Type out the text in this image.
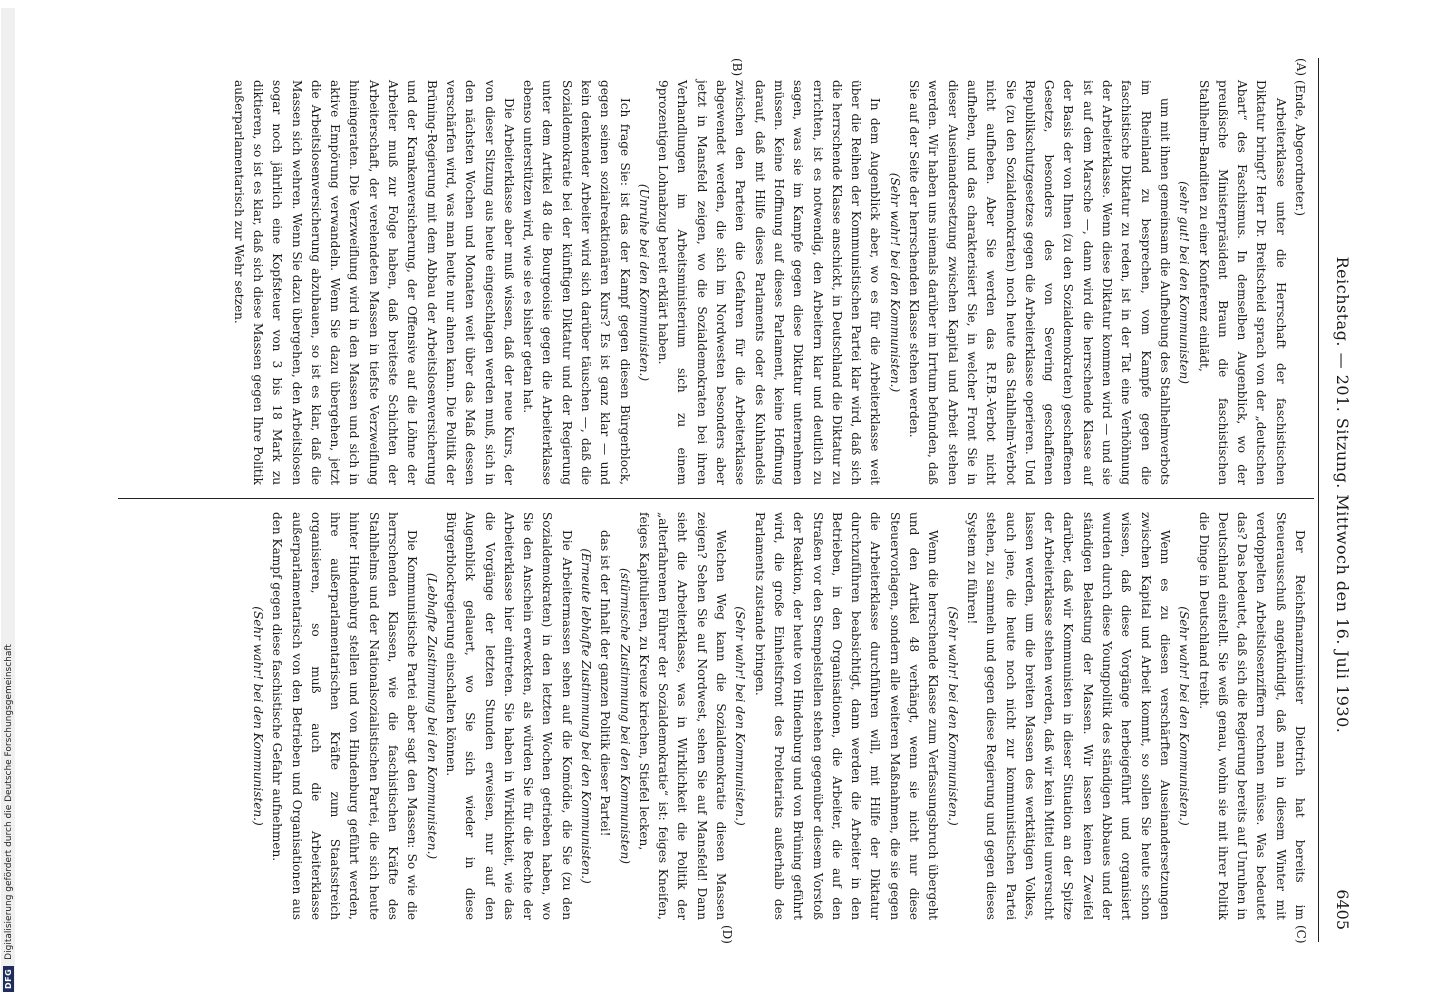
Reichstag. — 201. Sitzung. Mittwoch den 16. Juli 1930.
6405
(A)
(B)
(C)
(D)

(Ende, Abgeordneter.)

Arbeiterklasse unter die Herrschaft der faschistischen Diktatur bringt? Herr Dr. Breitscheid sprach von der „deutschen Abart“ des Faschismus. In demselben Augenblick, wo der preußische Ministerpräsident Braun die faschistischen Stahlhelm-Banditen zu einer Konferenz einlädt,

(sehr gut! bei den Kommunisten)

um mit ihnen gemeinsam die Aufhebung des Stahlhelmverbots im Rheinland zu besprechen, vom Kampfe gegen die faschistische Diktatur zu reden, ist in der Tat eine Verhöhnung der Arbeiterklasse. Wenn diese Diktatur kommen wird — und sie ist auf dem Marsche —, dann wird die herrschende Klasse auf der Basis der von Ihnen (zu den Sozialdemokraten) geschaffenen Gesetze, besonders des von Severing geschaffenen Republikschutzgesetzes gegen die Arbeiterklasse operieren. Und Sie (zu den Sozialdemokraten) noch heute das Stahlhelm-Verbot nicht aufheben. Aber Sie werden das R.F.B.-Verbot nicht aufheben, und das charakterisiert Sie, in welcher Front Sie in dieser Auseinandersetzung zwischen Kapital und Arbeit stehen werden. Wir haben uns niemals darüber im Irrtum befunden, daß Sie auf der Seite der herrschenden Klasse stehen werden.

(Sehr wahr! bei den Kommunisten.)

In dem Augenblick aber, wo es für die Arbeiterklasse weit über die Reihen der Kommunistischen Partei klar wird, daß sich die herrschende Klasse anschickt, in Deutschland die Diktatur zu errichten, ist es notwendig, den Arbeitern klar und deutlich zu sagen, was sie im Kampfe gegen diese Diktatur unternehmen müssen. Keine Hoffnung auf dieses Parlament, keine Hoffnung darauf, daß mit Hilfe dieses Parlaments oder des Kuhhandels zwischen den Parteien die Gefahren für die Arbeiterklasse abgewendet werden, die sich im Nordwesten besonders aber jetzt in Mansfeld zeigen, wo die Sozialdemokraten bei ihren Verhandlungen im Arbeitsministerium sich zu einem 9prozentigen Lohnabzug bereit erklärt haben.

(Unruhe bei den Kommunisten.)

Ich frage Sie: ist das der Kampf gegen diesen Bürgerblock, gegen seinen sozialreaktionären Kurs? Es ist ganz klar — und kein denkender Arbeiter wird sich darüber täuschen —, daß die Sozialdemokratie bei der künftigen Diktatur und der Regierung unter dem Artikel 48 die Bourgeoisie gegen die Arbeiterklasse ebenso unterstützen wird, wie sie es bisher getan hat.

Die Arbeiterklasse aber muß wissen, daß der neue Kurs, der von dieser Sitzung aus heute eingeschlagen werden muß, sich in den nächsten Wochen und Monaten weit über das Maß dessen verschärfen wird, was man heute nur ahnen kann. Die Politik der Brüning-Regierung mit dem Abbau der Arbeitslosenversicherung und der Krankenversicherung, der Offensive auf die Löhne der Arbeiter muß zur Folge haben, daß breiteste Schichten der Arbeiterschaft, der verelendeten Massen in tiefste Verzweiflung hineingeraten. Die Verzweiflung wird in den Massen und sich in aktive Empörung verwandeln. Wenn Sie dazu übergehen, jetzt die Arbeitslosenversicherung abzubauen, so ist es klar, daß die Massen sich wehren. Wenn Sie dazu übergehen, den Arbeitslosen sogar noch jährlich eine Kopfsteuer von 3 bis 18 Mark zu diktieren, so ist es klar, daß sich diese Massen gegen Ihre Politik außerparlamentarisch zur Wehr setzen.

Der Reichsfinanzminister Dietrich hat bereits im Steuerausschuß angekündigt, daß man in diesem Winter mit verdoppelten Arbeitslosenziffern rechnen müsse. Was bedeutet das? Das bedeutet, daß sich die Regierung bereits auf Unruhen in Deutschland einstellt. Sie weiß genau, wohin sie mit ihrer Politik die Dinge in Deutschland treibt.

(Sehr wahr! bei den Kommunisten.)

Wenn es zu diesen verschärften Auseinandersetzungen zwischen Kapital und Arbeit kommt, so sollen Sie heute schon wissen, daß diese Vorgänge herbeigeführt und organisiert wurden durch diese Youngpolitik des ständigen Abbaues und der ständigen Belastung der Massen. Wir lassen keinen Zweifel darüber, daß wir Kommunisten in dieser Situation an der Spitze der Arbeiterklasse stehen werden, daß wir kein Mittel unversucht lassen werden, um die breiten Massen des werktätigen Volkes, auch jene, die heute noch nicht zur kommunistischen Partei stehen, zu sammeln und gegen diese Regierung und gegen dieses System zu führen!

(Sehr wahr! bei den Kommunisten.)

Wenn die herrschende Klasse zum Verfassungsbruch übergeht und den Artikel 48 verhängt, wenn sie nicht nur diese Steuervorlagen, sondern alle weiteren Maßnahmen, die sie gegen die Arbeiterklasse durchführen will, mit Hilfe der Diktatur durchzuführen beabsichtigt, dann werden die Arbeiter in den Betrieben, in den Organisationen, die Arbeiter, die auf den Straßen vor den Stempelstellen stehen gegenüber diesem Vorstoß der Reaktion, der heute von Hindenburg und von Brüning geführt wird, die große Einheitsfront des Proletariats außerhalb des Parlaments zustande bringen.

(Sehr wahr! bei den Kommunisten.)

Welchen Weg kann die Sozialdemokratie diesen Massen zeigen? Sehen Sie auf Nordwest, sehen Sie auf Mansfeld! Dann sieht die Arbeiterklasse, was in Wirklichkeit die Politik der „alterfahrenen Führer der Sozialdemokratie“ ist: feiges Kneifen, feiges Kapitulieren, zu Kreuze kriechen, Stiefel lecken,

(stürmische Zustimmung bei den Kommunisten)

das ist der Inhalt der ganzen Politik dieser Partei!

(Erneute lebhafte Zustimmung bei den Kommunisten.)

Die Arbeitermassen sehen auf die Komödie, die Sie (zu den Sozialdemokraten) in den letzten Wochen getrieben haben, wo Sie den Anschein erweckten, als würden Sie für die Rechte der Arbeiterklasse hier eintreten. Sie haben in Wirklichkeit, wie das die Vorgänge der letzten Stunden erweisen, nur auf den Augenblick gelauert, wo Sie sich wieder in diese Bürgerblockregierung einschalten können.

(Lebhafte Zustimmung bei den Kommunisten.)

Die Kommunistische Partei aber sagt den Massen: So wie die herrschenden Klassen, wie die faschistischen Kräfte des Stahlhelms und der Nationalsozialistischen Partei, die sich heute hinter Hindenburg stellen und von Hindenburg geführt werden, ihre außerparlamentarischen Kräfte zum Staatsstreich organisieren, so muß auch die Arbeiterklasse außerparlamentarisch von den Betrieben und Organisationen aus den Kampf gegen diese faschistische Gefahr aufnehmen.

(Sehr wahr! bei den Kommunisten.)

DFGDigitalisierung gefördert durch die Deutsche Forschungsgemeinschaft
